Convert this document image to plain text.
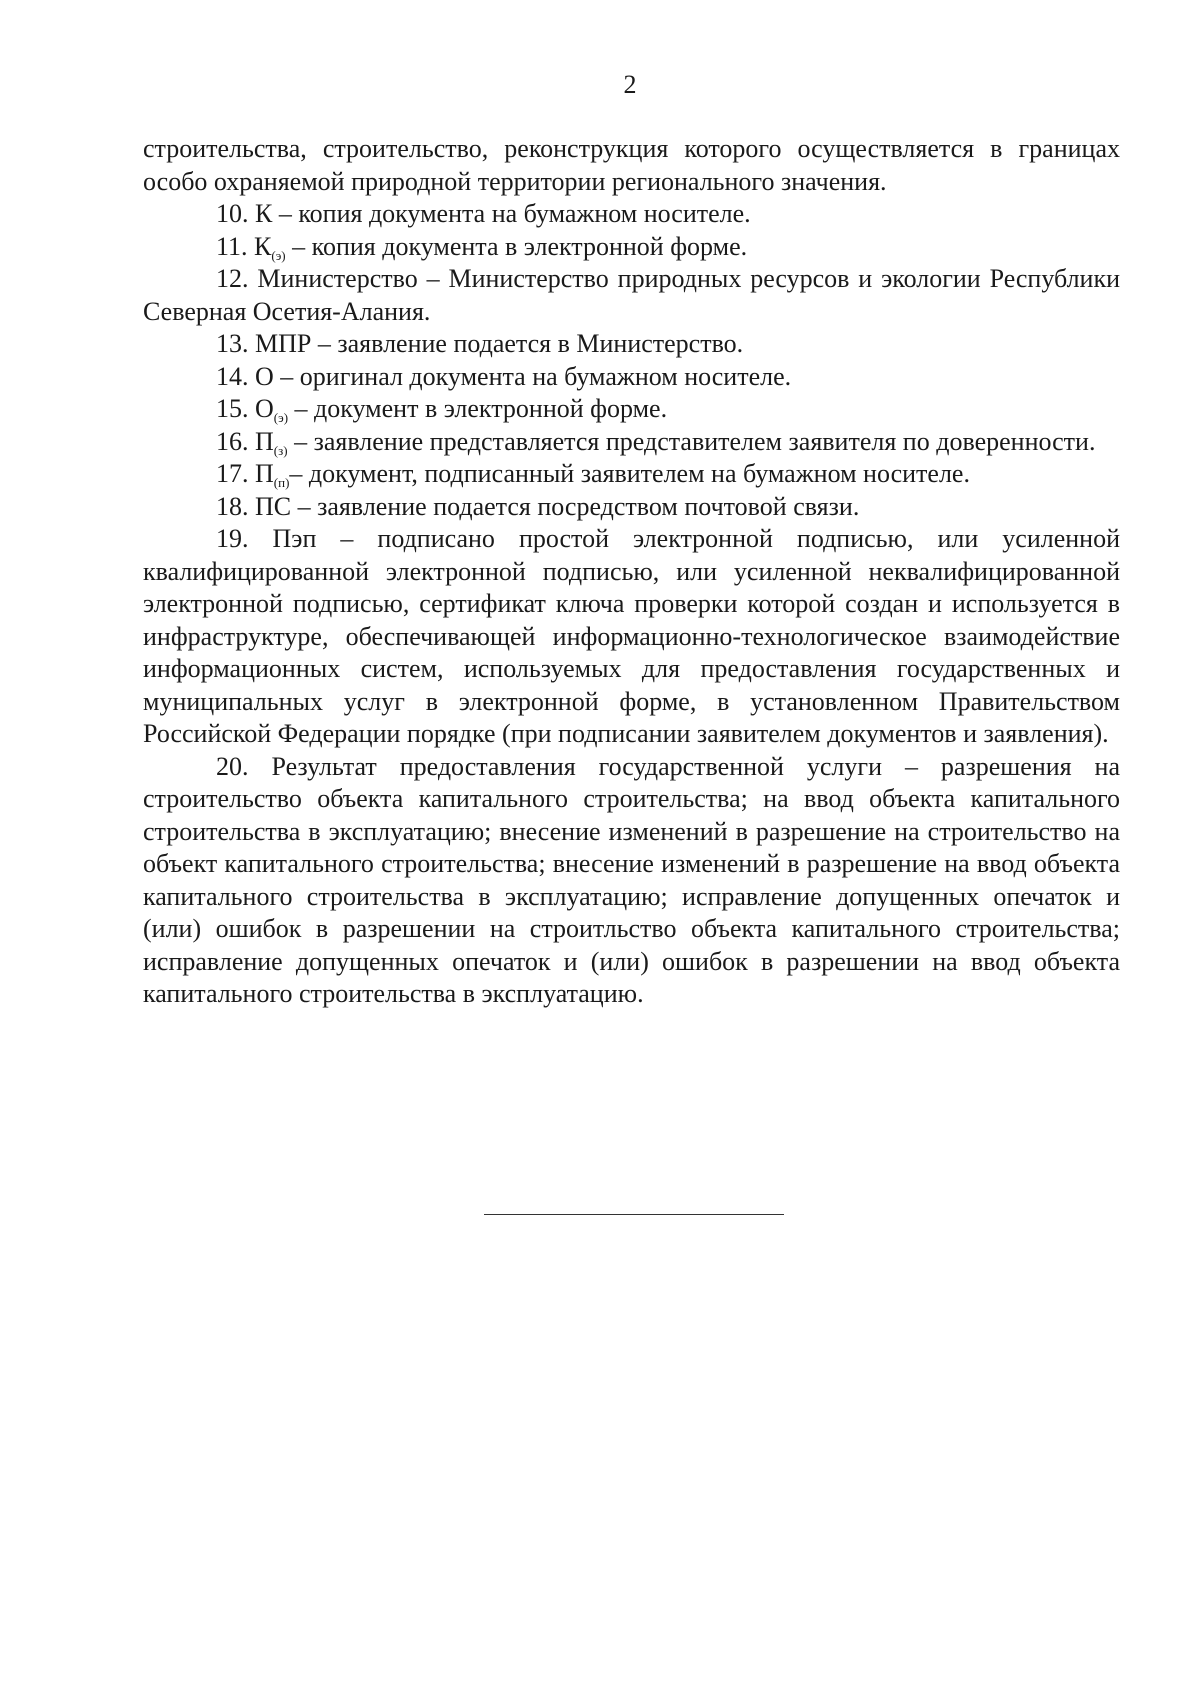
2

строительства, строительство, реконструкция которого осуществляется в границах особо охраняемой природной территории регионального значения.

10. К – копия документа на бумажном носителе.

11. $К_{(э)}$ – копия документа в электронной форме.

12. Министерство – Министерство природных ресурсов и экологии Республики Северная Осетия-Алания.

13. МПР – заявление подается в Министерство.

14. О – оригинал документа на бумажном носителе.

15. $О_{(э)}$ – документ в электронной форме.

16. $П_{(з)}$ – заявление представляется представителем заявителя по доверенности.

17. $П_{(п)}-$ документ, подписанный заявителем на бумажном носителе.

18. ПС – заявление подается посредством почтовой связи.

19. Пэп – подписано простой электронной подписью, или усиленной квалифицированной электронной подписью, или усиленной неквалифицированной электронной подписью, сертификат ключа проверки которой создан и используется в инфраструктуре, обеспечивающей информационно-технологическое взаимодействие информационных систем, используемых для предоставления государственных и муниципальных услуг в электронной форме, в установленном Правительством Российской Федерации порядке (при подписании заявителем документов и заявления).

20. Результат предоставления государственной услуги – разрешения на строительство объекта капитального строительства; на ввод объекта капитального строительства в эксплуатацию; внесение изменений в разрешение на строительство на объект капитального строительства; внесение изменений в разрешение на ввод объекта капитального строительства в эксплуатацию; исправление допущенных опечаток и (или) ошибок в разрешении на строитльство объекта капитального строительства; исправление допущенных опечаток и (или) ошибок в разрешении на ввод объекта капитального строительства в эксплуатацию.
